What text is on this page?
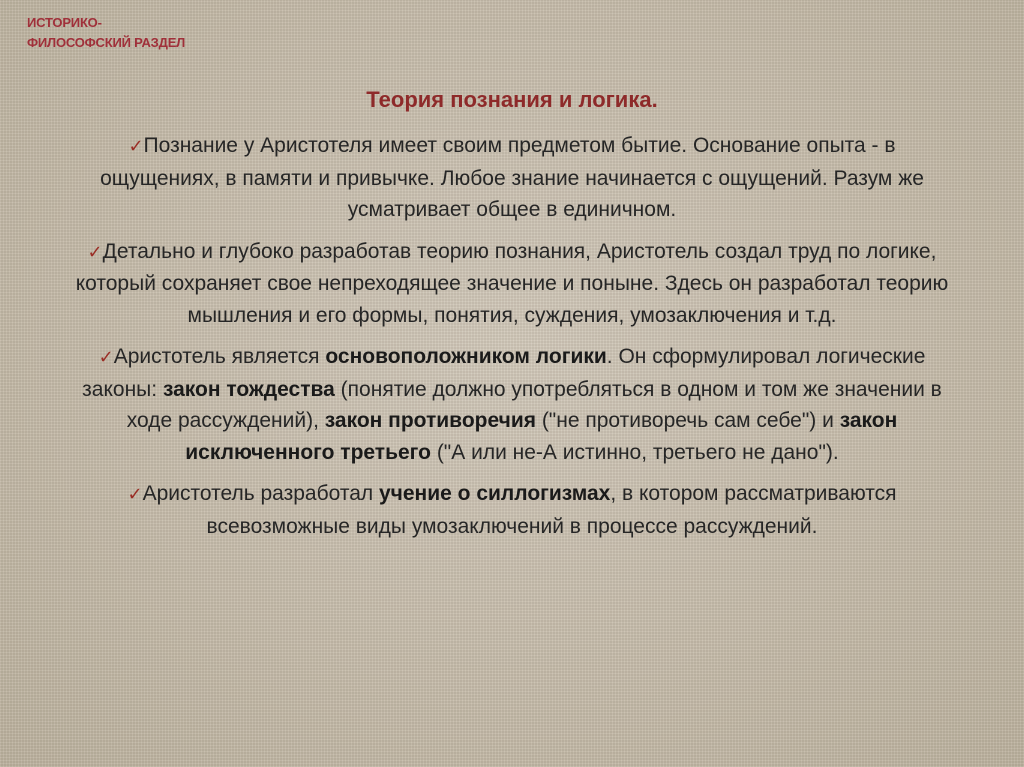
ИСТОРИКО-
ФИЛОСОФСКИЙ РАЗДЕЛ
Теория познания и логика.
✓Познание у Аристотеля имеет своим предметом бытие. Основание опыта - в ощущениях, в памяти и привычке. Любое знание начинается с ощущений. Разум же усматривает общее в единичном.
✓Детально и глубоко разработав теорию познания, Аристотель создал труд по логике, который сохраняет свое непреходящее значение и поныне. Здесь он разработал теорию мышления и его формы, понятия, суждения, умозаключения и т.д.
✓Аристотель является основоположником логики. Он сформулировал логические законы: закон тождества (понятие должно употребляться в одном и том же значении в ходе рассуждений), закон противоречия ("не противоречь сам себе") и закон исключенного третьего ("А или не-А истинно, третьего не дано").
✓Аристотель разработал учение о силлогизмах, в котором рассматриваются всевозможные виды умозаключений в процессе рассуждений.
